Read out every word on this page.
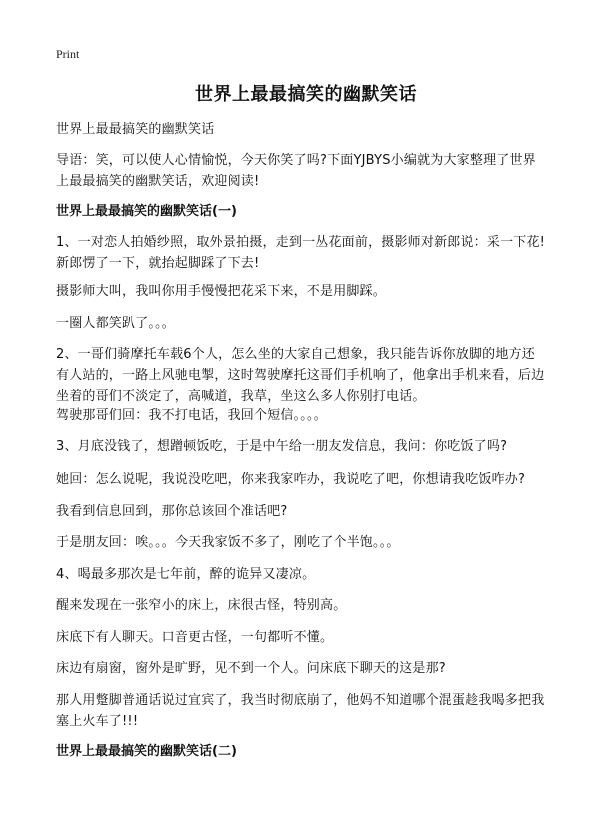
Print
世界上最最搞笑的幽默笑话
世界上最最搞笑的幽默笑话
导语：笑，可以使人心情愉悦，今天你笑了吗?下面YJBYS小编就为大家整理了世界上最最搞笑的幽默笑话，欢迎阅读!
世界上最最搞笑的幽默笑话(一)
1、一对恋人拍婚纱照，取外景拍摄，走到一丛花面前，摄影师对新郎说：采一下花!新郎愣了一下，就抬起脚踩了下去!
摄影师大叫，我叫你用手慢慢把花采下来，不是用脚踩。
一圈人都笑趴了。。。
2、一哥们骑摩托车载6个人，怎么坐的大家自己想象，我只能告诉你放脚的地方还有人站的，一路上风驰电掣，这时驾驶摩托这哥们手机响了，他拿出手机来看，后边坐着的哥们不淡定了，高喊道，我草，坐这么多人你别打电话。
驾驶那哥们回：我不打电话，我回个短信。。。。
3、月底没钱了，想蹭顿饭吃，于是中午给一朋友发信息，我问：你吃饭了吗?
她回：怎么说呢，我说没吃吧，你来我家咋办，我说吃了吧，你想请我吃饭咋办?
我看到信息回到，那你总该回个准话吧?
于是朋友回：唉。。。今天我家饭不多了，刚吃了个半饱。。。
4、喝最多那次是七年前，醉的诡异又凄凉。
醒来发现在一张窄小的床上，床很古怪，特别高。
床底下有人聊天。口音更古怪，一句都听不懂。
床边有扇窗，窗外是旷野，见不到一个人。问床底下聊天的这是那?
那人用蹩脚普通话说过宜宾了，我当时彻底崩了，他妈不知道哪个混蛋趁我喝多把我塞上火车了!!!
世界上最最搞笑的幽默笑话(二)
